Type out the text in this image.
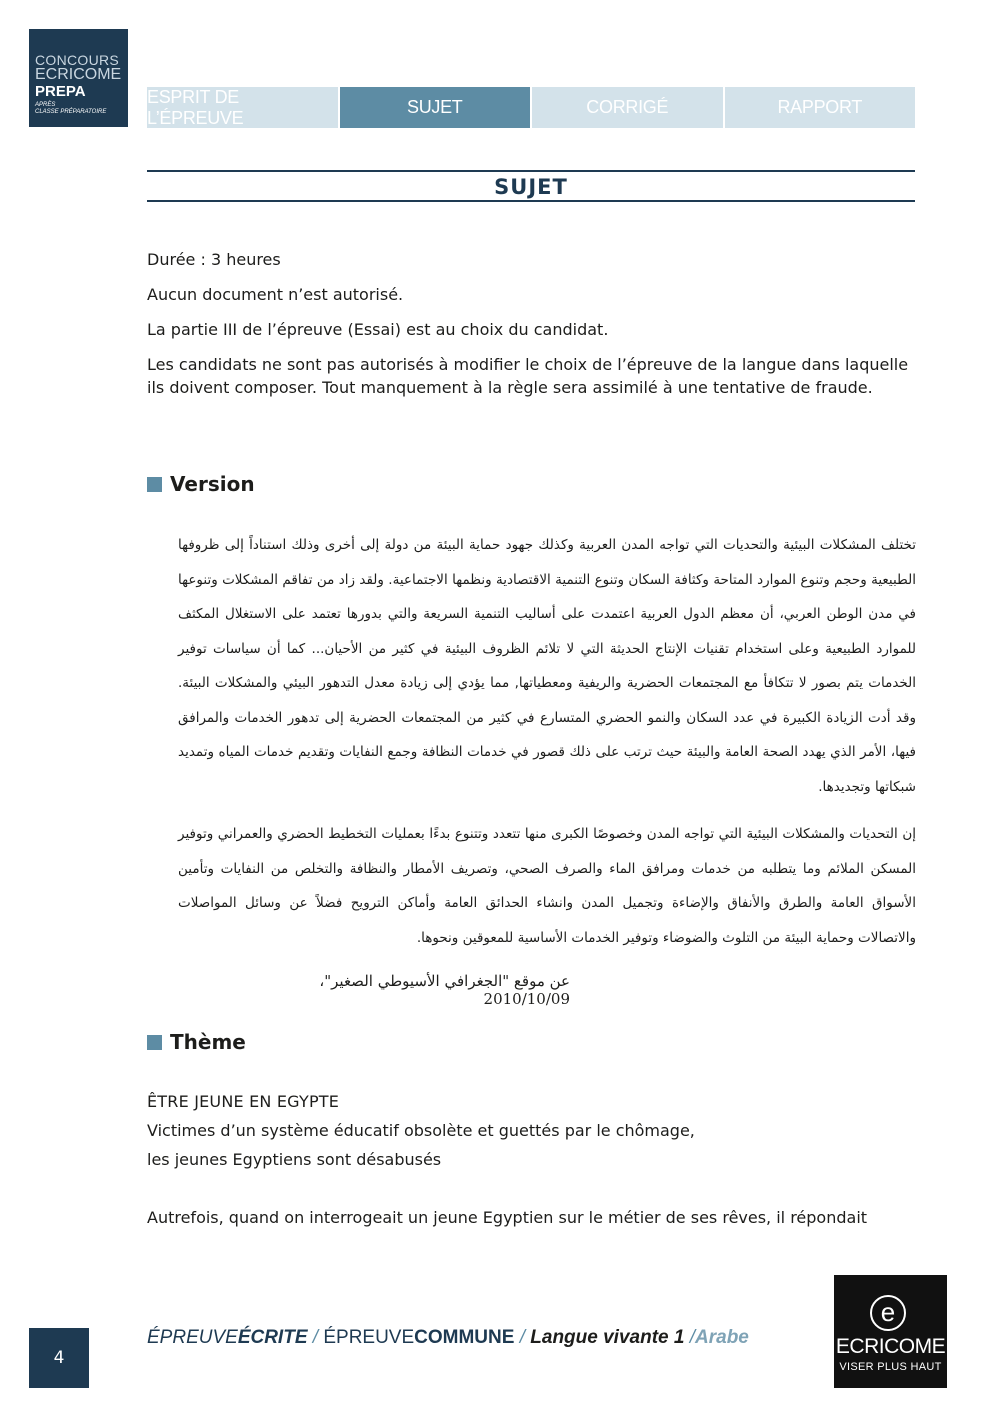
CONCOURS
ECRICOME
PREPA
APRÈS
CLASSE PRÉPARATOIRE
ESPRIT DE L’ÉPREUVE
SUJET	CORRIGÉ	RAPPORT
SUJET

Durée : 3 heures

Aucun document n’est autorisé.

La partie III de l’épreuve (Essai) est au choix du candidat.

Les candidats ne sont pas autorisés à modifier le choix de l’épreuve de la langue dans laquelle ils doivent composer. Tout manquement à la règle sera assimilé à une tentative de fraude.

Version

تختلف المشكلات البيئية والتحديات التي تواجه المدن العربية وكذلك جهود حماية البيئة من دولة إلى أخرى وذلك استناداً إلى ظروفها الطبيعية وحجم وتنوع الموارد المتاحة وكثافة السكان وتنوع التنمية الاقتصادية ونظمها الاجتماعية. ولقد زاد من تفاقم المشكلات وتنوعها في مدن الوطن العربي، أن معظم الدول العربية اعتمدت على أساليب التنمية السريعة والتي بدورها تعتمد على الاستغلال المكثف للموارد الطبيعية وعلى استخدام تقنيات الإنتاج الحديثة التي لا تلائم الظروف البيئية في كثير من الأحيان... كما أن سياسات توفير الخدمات يتم بصور لا تتكافأ مع المجتمعات الحضرية والريفية ومعطياتها, مما يؤدي إلى زيادة معدل التدهور البيئي والمشكلات البيئة. وقد أدت الزيادة الكبيرة في عدد السكان والنمو الحضري المتسارع في كثير من المجتمعات الحضرية إلى تدهور الخدمات والمرافق فيها، الأمر الذي يهدد الصحة العامة والبيئة حيث ترتب على ذلك قصور في خدمات النظافة وجمع النفايات وتقديم خدمات المياه وتمديد شبكاتها وتجديدها.

إن التحديات والمشكلات البيئية التي تواجه المدن وخصوصًا الكبرى منها تتعدد وتتنوع بدءًا بعمليات التخطيط الحضري والعمراني وتوفير المسكن الملائم وما يتطلبه من خدمات ومرافق الماء والصرف الصحي، وتصريف الأمطار والنظافة والتخلص من النفايات وتأمين الأسواق العامة والطرق والأنفاق والإضاءة وتجميل المدن وانشاء الحدائق العامة وأماكن الترويح فضلاً عن وسائل المواصلات والاتصالات وحماية البيئة من التلوث والضوضاء وتوفير الخدمات الأساسية للمعوقين ونحوها.

عن موقع "الجغرافي الأسيوطي الصغير"، 2010/10/09
Thème
ÊTRE JEUNE EN EGYPTE
Victimes d’un système éducatif obsolète et guettés par le chômage,
les jeunes Egyptiens sont désabusés
Autrefois, quand on interrogeait un jeune Egyptien sur le métier de ses rêves, il répondait
4
ÉPREUVEÉCRITE / ÉPREUVECOMMUNE / Langue vivante 1 /Arabe
e
ECRICOME
VISER PLUS HAUT
